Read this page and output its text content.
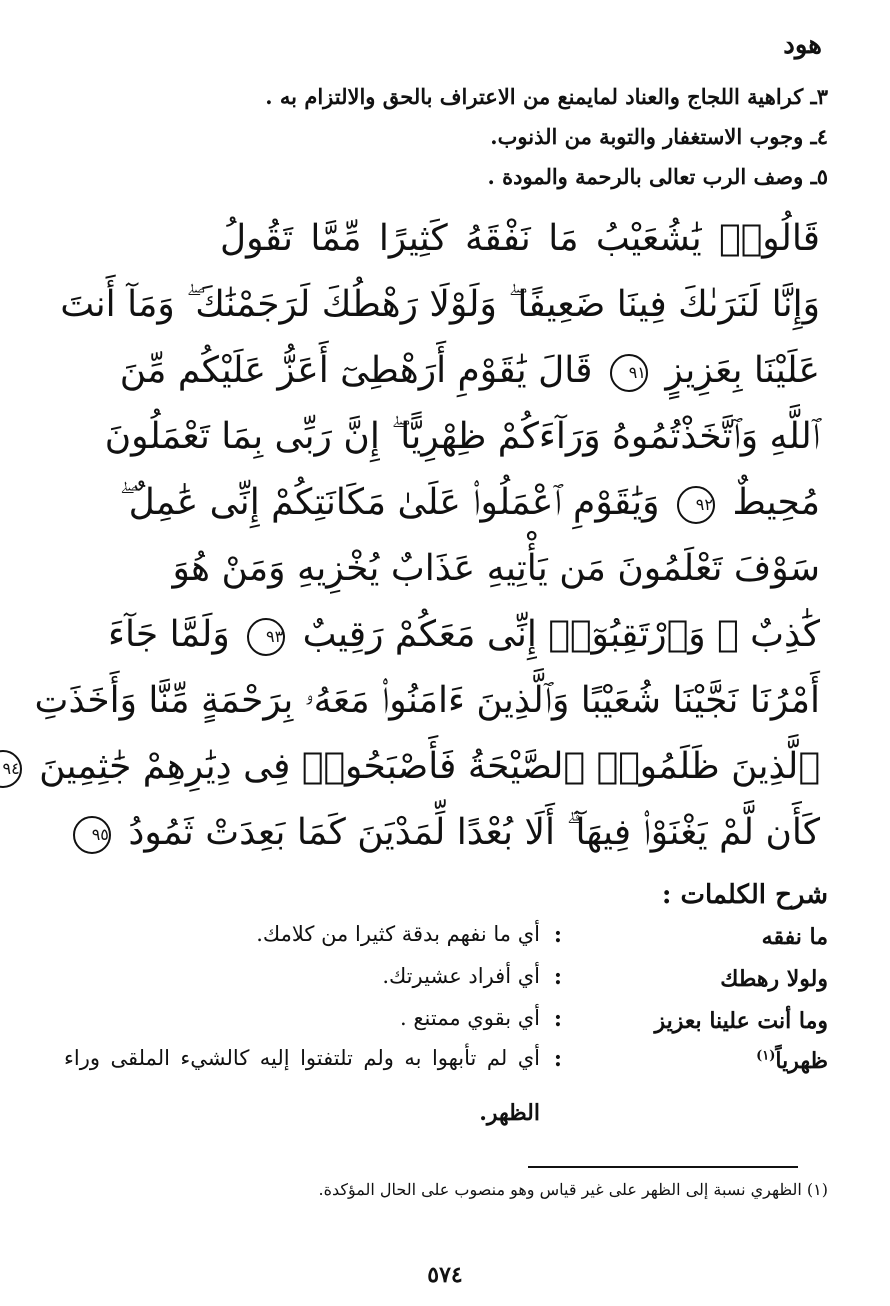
هود
٣ـ كراهية اللجاج والعناد لمايمنع من الاعتراف بالحق والالتزام به .
٤ـ وجوب الاستغفار والتوبة من الذنوب.
٥ـ وصف الرب تعالى بالرحمة والمودة .
قَالُوا۟ يَٰشُعَيْبُ مَا نَفْقَهُ كَثِيرًا مِّمَّا تَقُولُ
وَإِنَّا لَنَرَىٰكَ فِينَا ضَعِيفًا ۖ وَلَوْلَا رَهْطُكَ لَرَجَمْنَٰكَ ۖ وَمَآ أَنتَ
عَلَيْنَا بِعَزِيزٍ ٩١ قَالَ يَٰقَوْمِ أَرَهْطِىٓ أَعَزُّ عَلَيْكُم مِّنَ
ٱللَّهِ وَٱتَّخَذْتُمُوهُ وَرَآءَكُمْ ظِهْرِيًّا ۖ إِنَّ رَبِّى بِمَا تَعْمَلُونَ
مُحِيطٌ ٩٢ وَيَٰقَوْمِ ٱعْمَلُوا۟ عَلَىٰ مَكَانَتِكُمْ إِنِّى عَٰمِلٌ ۖ
سَوْفَ تَعْلَمُونَ مَن يَأْتِيهِ عَذَابٌ يُخْزِيهِ وَمَنْ هُوَ
كَٰذِبٌ ۖ وَٱرْتَقِبُوٓا۟ إِنِّى مَعَكُمْ رَقِيبٌ ٩٣ وَلَمَّا جَآءَ
أَمْرُنَا نَجَّيْنَا شُعَيْبًا وَٱلَّذِينَ ءَامَنُوا۟ مَعَهُۥ بِرَحْمَةٍ مِّنَّا وَأَخَذَتِ
ٱلَّذِينَ ظَلَمُوا۟ ٱلصَّيْحَةُ فَأَصْبَحُوا۟ فِى دِيَٰرِهِمْ جَٰثِمِينَ ٩٤
كَأَن لَّمْ يَغْنَوْا۟ فِيهَآ ۗ أَلَا بُعْدًا لِّمَدْيَنَ كَمَا بَعِدَتْ ثَمُودُ ٩٥
شرح الكلمات :
ما نفقه
:
أي ما نفهم بدقة كثيرا من كلامك.
ولولا رهطك
:
أي أفراد عشيرتك.
وما أنت علينا بعزيز
:
أي بقوي ممتنع .
ظهرياً$^{(١)}$
:
أي لم تأبهوا به ولم تلتفتوا إليه كالشيء الملقى وراء
الظهر.
(١) الظهري نسبة إلى الظهر على غير قياس وهو منصوب على الحال المؤكدة.
٥٧٤
